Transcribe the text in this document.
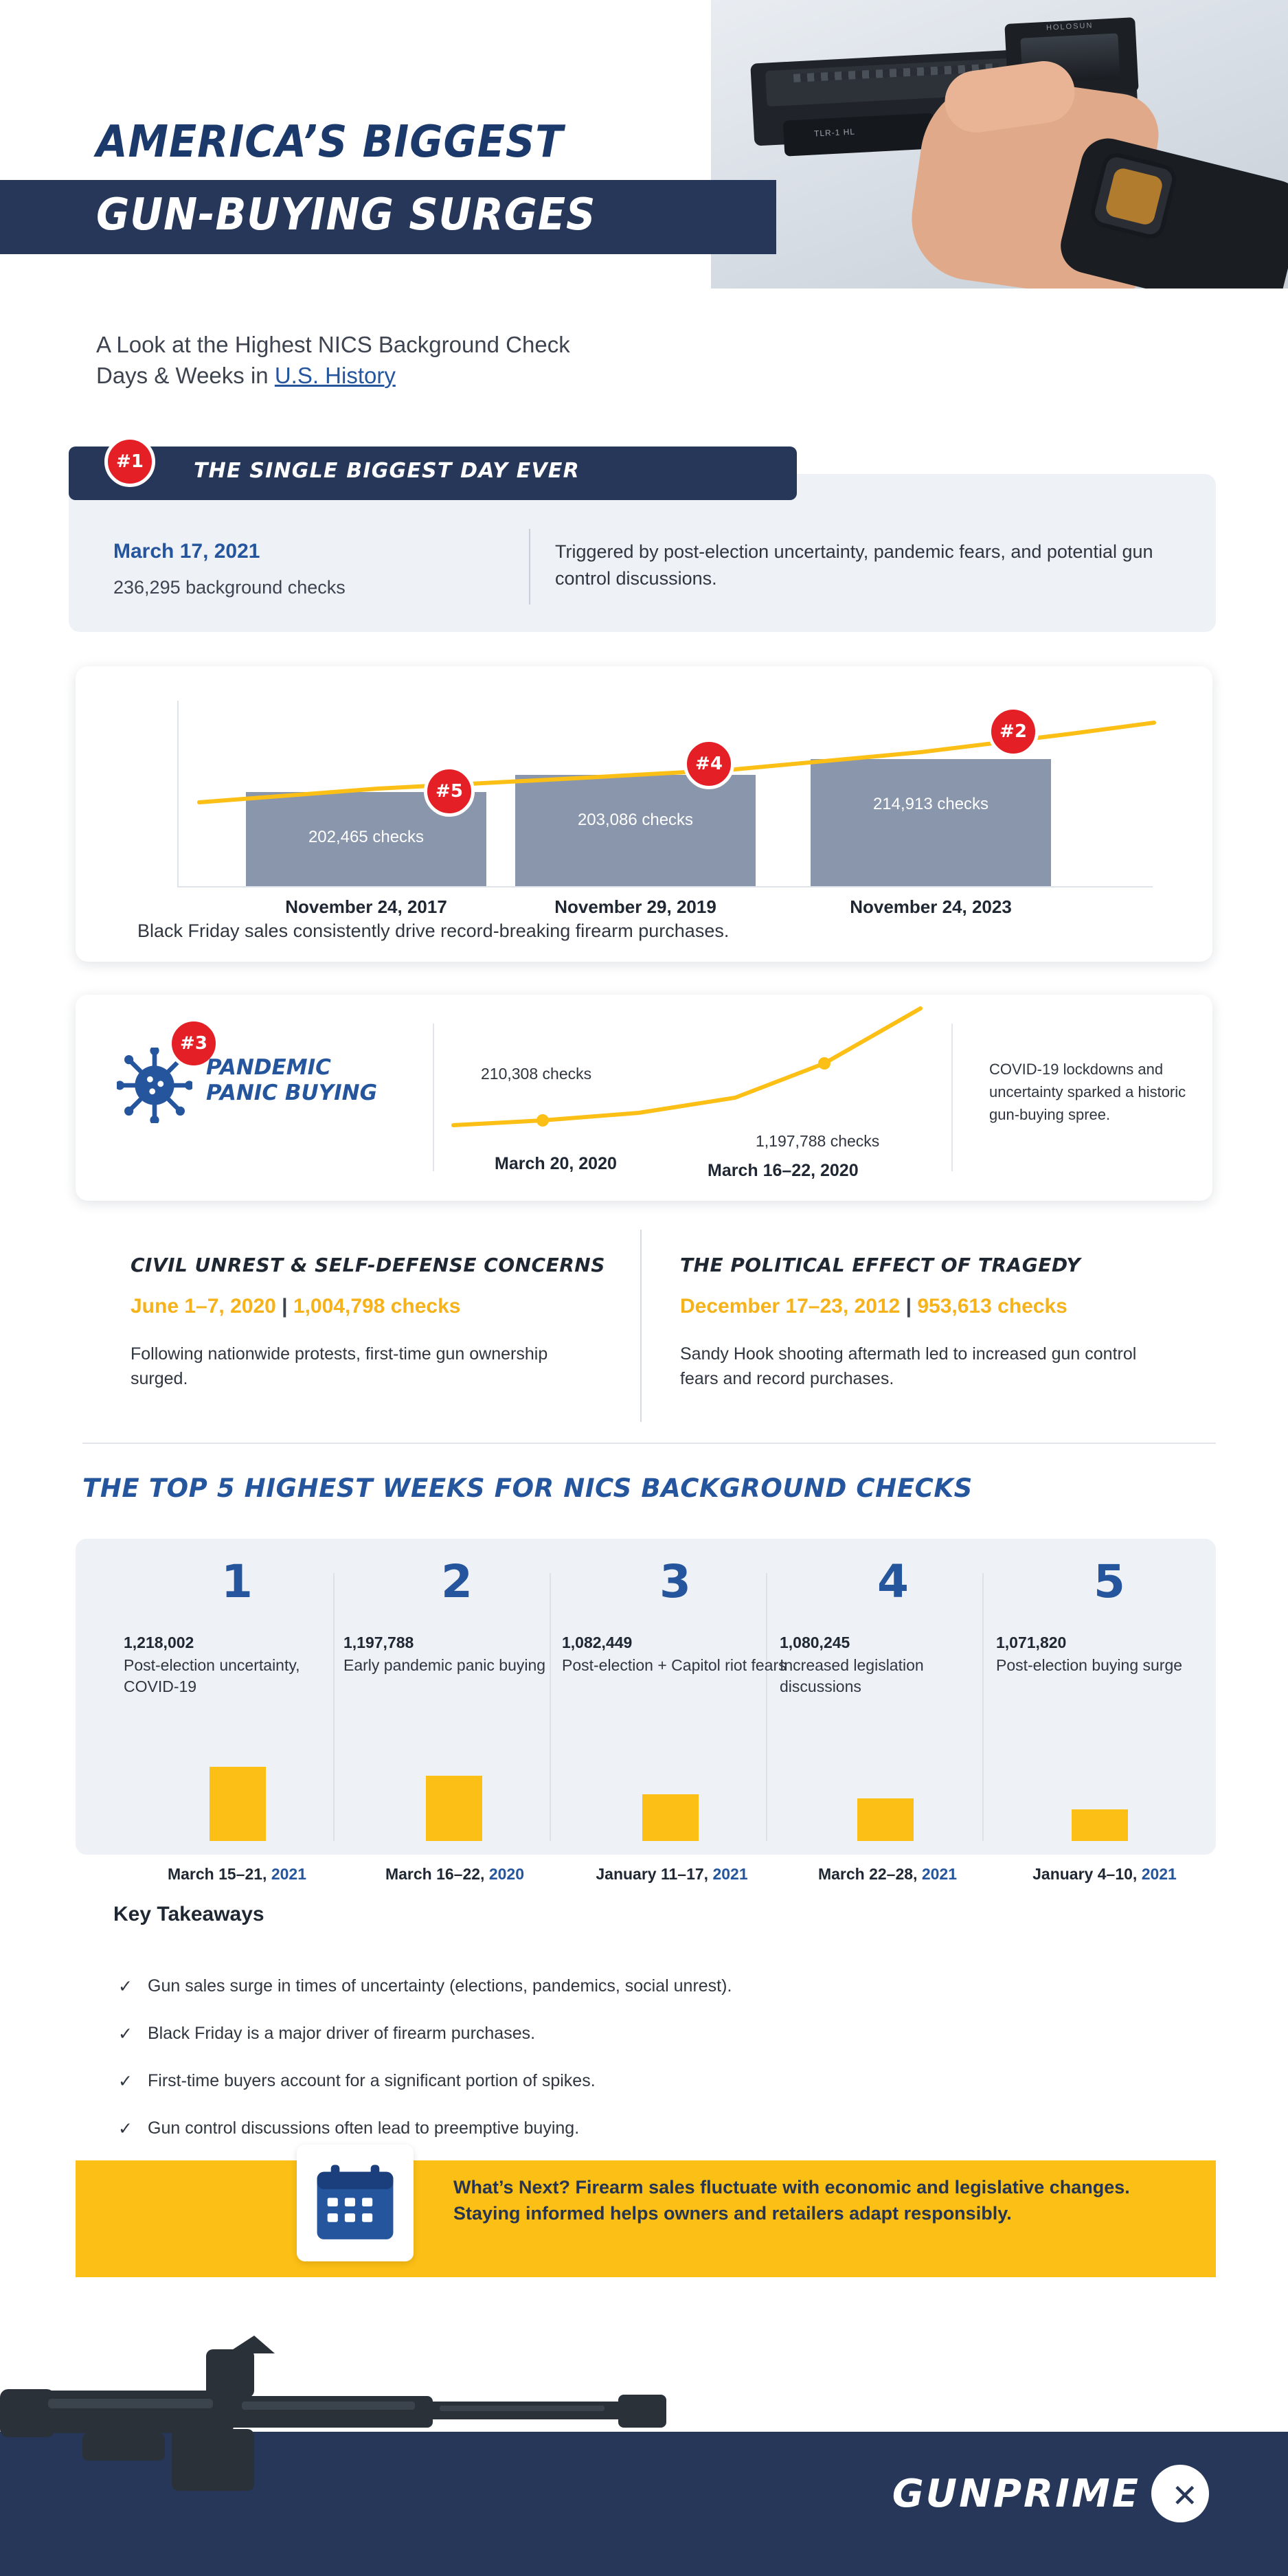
HOLOSUN
TLR-1 HL
AMERICA’S BIGGEST
GUN-BUYING SURGES
A Look at the Highest NICS Background Check
Days & Weeks in U.S. History
#1	THE SINGLE BIGGEST DAY EVER
March 17, 2021
236,295 background checks
Triggered by post-election uncertainty, pandemic fears, and potential gun control discussions.
202,465 checks
203,086 checks
214,913 checks
#5
#4
#2
November 24, 2017	November 29, 2019	November 24, 2023
Black Friday sales consistently drive record-breaking firearm purchases.
#3
PANDEMIC
PANIC BUYING
210,308 checks
March 20, 2020
1,197,788 checks
March 16–22, 2020
COVID-19 lockdowns and uncertainty sparked a historic gun-buying spree.
CIVIL UNREST & SELF-DEFENSE CONCERNS
June 1–7, 2020 | 1,004,798 checks
Following nationwide protests, first-time gun ownership surged.
THE POLITICAL EFFECT OF TRAGEDY
December 17–23, 2012 | 953,613 checks
Sandy Hook shooting aftermath led to increased gun control fears and record purchases.
THE TOP 5 HIGHEST WEEKS FOR NICS BACKGROUND CHECKS
1
1,218,002
Post-election uncertainty, COVID-19
2
1,197,788
Early pandemic panic buying
3
1,082,449
Post-election + Capitol riot fears
4
1,080,245
Increased legislation discussions
5
1,071,820
Post-election buying surge
March 15–21, 2021	March 16–22, 2020	January 11–17, 2021	March 22–28, 2021	January 4–10, 2021
Key Takeaways
✓ Gun sales surge in times of uncertainty (elections, pandemics, social unrest).
✓ Black Friday is a major driver of firearm purchases.
✓ First-time buyers account for a significant portion of spikes.
✓ Gun control discussions often lead to preemptive buying.
What’s Next? Firearm sales fluctuate with economic and legislative changes. Staying informed helps owners and retailers adapt responsibly.
GUNPRIME ✕
